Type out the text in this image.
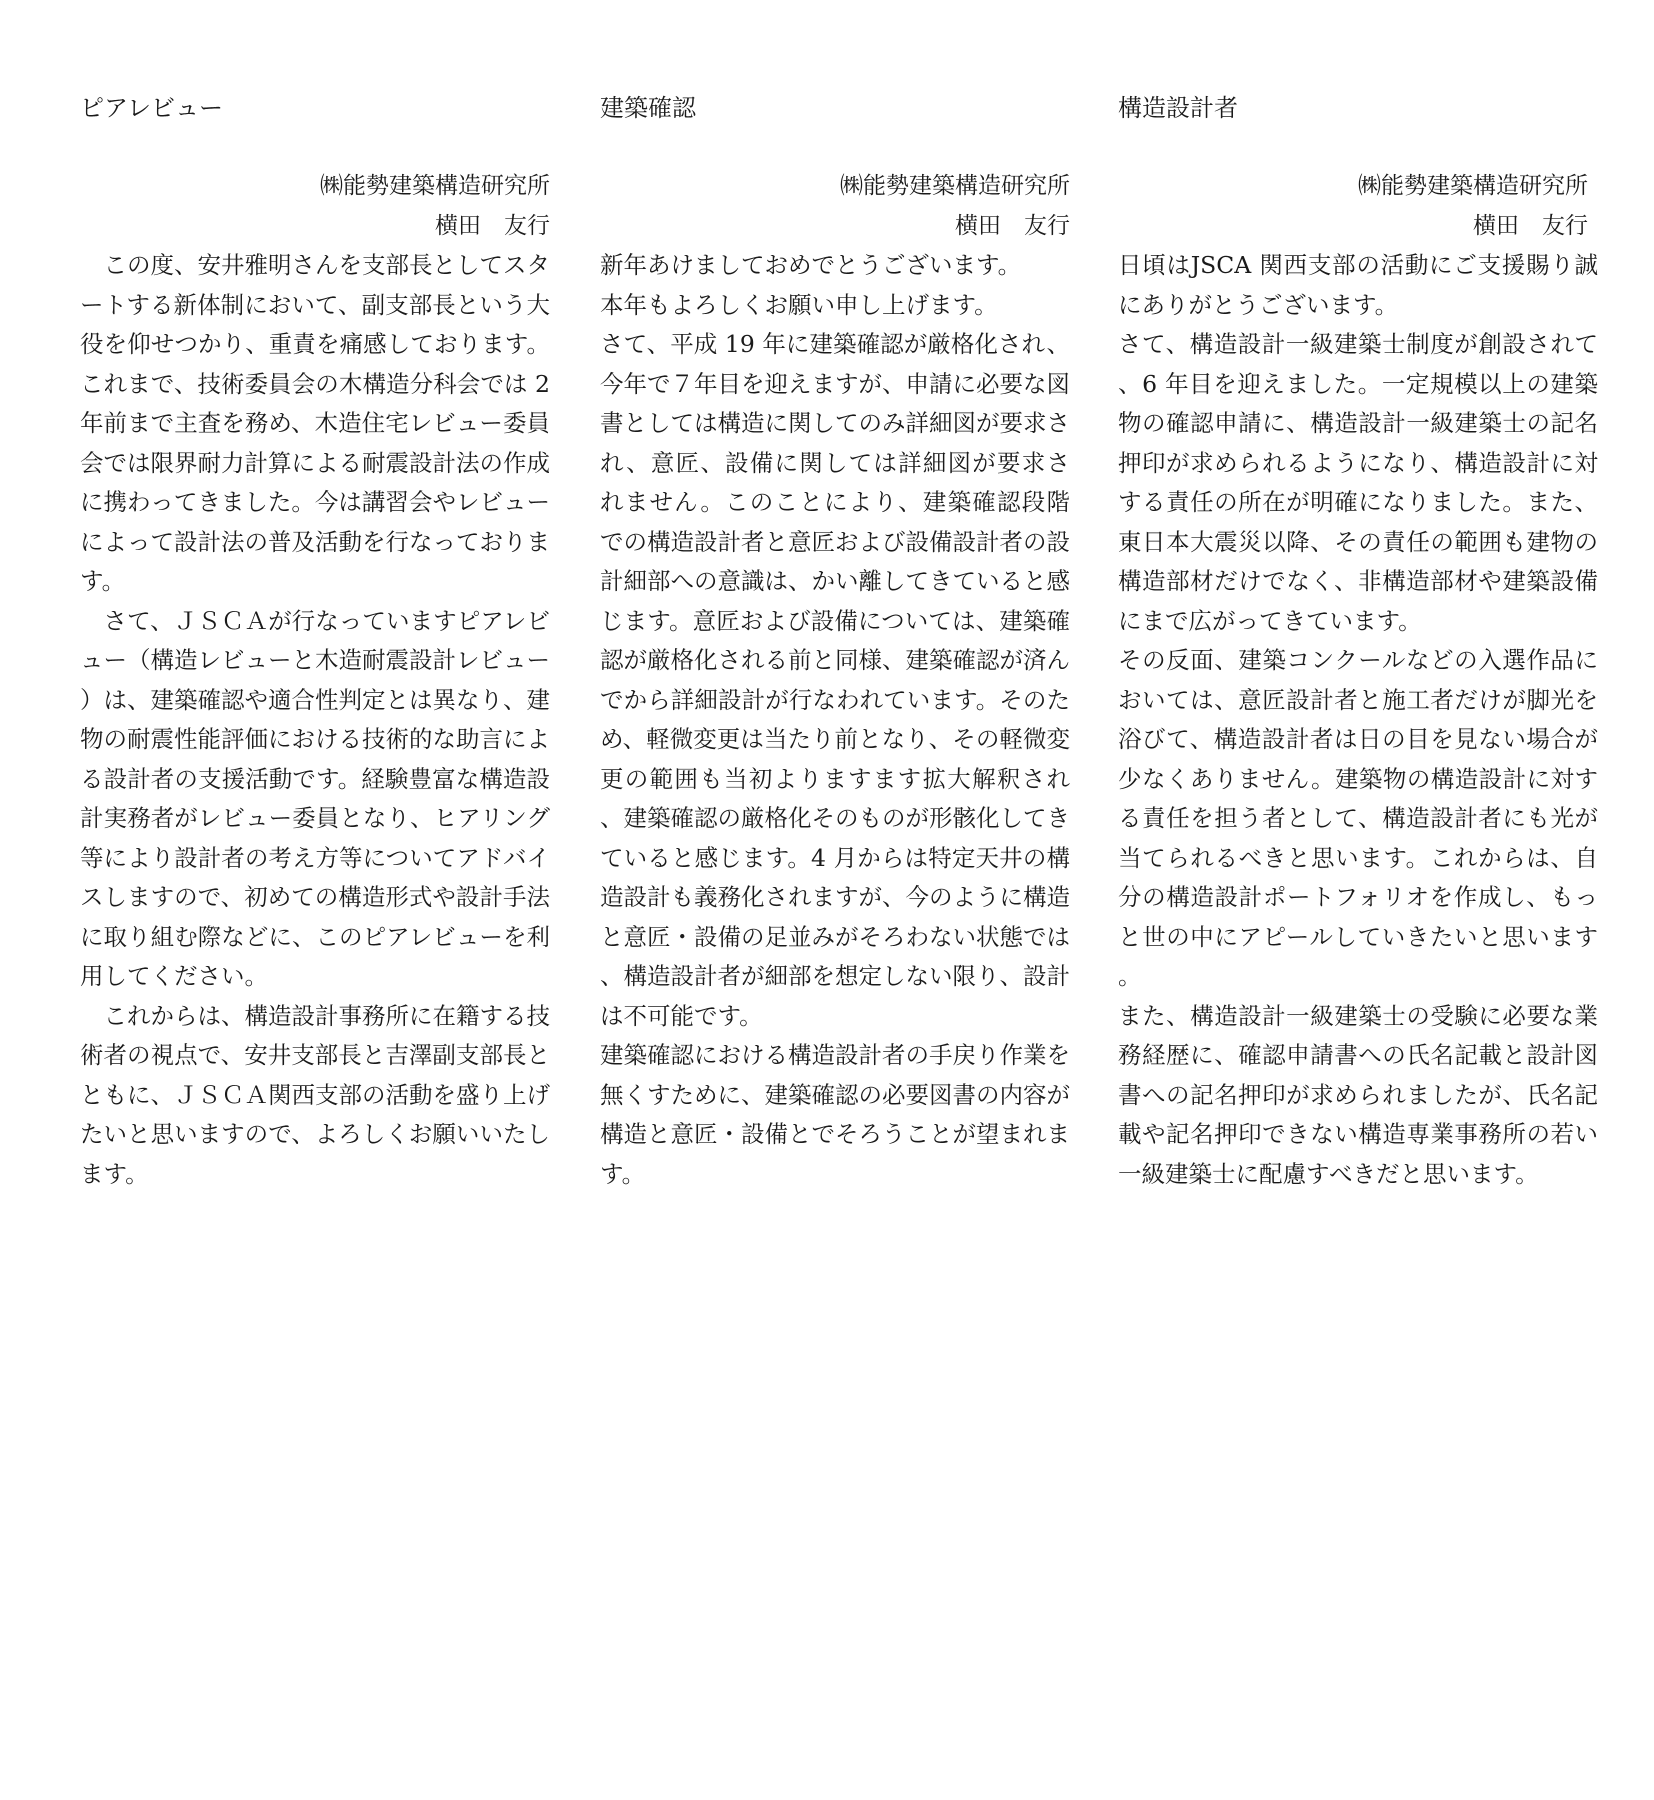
ピアレビュー
㈱能勢建築構造研究所
横田　友行

この度、安井雅明さんを支部長としてスタートする新体制において、副支部長という大役を仰せつかり、重責を痛感しております。これまで、技術委員会の木構造分科会では 2 年前まで主査を務め、木造住宅レビュー委員会では限界耐力計算による耐震設計法の作成に携わってきました。今は講習会やレビューによって設計法の普及活動を行なっております。

さて、ＪＳＣＡが行なっていますピアレビュー（構造レビューと木造耐震設計レビュー）は、建築確認や適合性判定とは異なり、建物の耐震性能評価における技術的な助言による設計者の支援活動です。経験豊富な構造設計実務者がレビュー委員となり、ヒアリング等により設計者の考え方等についてアドバイスしますので、初めての構造形式や設計手法に取り組む際などに、このピアレビューを利用してください。

これからは、構造設計事務所に在籍する技術者の視点で、安井支部長と吉澤副支部長とともに、ＪＳＣＡ関西支部の活動を盛り上げたいと思いますので、よろしくお願いいたします。

建築確認
㈱能勢建築構造研究所
横田　友行

新年あけましておめでとうございます。

本年もよろしくお願い申し上げます。

さて、平成 19 年に建築確認が厳格化され、今年で７年目を迎えますが、申請に必要な図書としては構造に関してのみ詳細図が要求され、意匠、設備に関しては詳細図が要求されません。このことにより、建築確認段階での構造設計者と意匠および設備設計者の設計細部への意識は、かい離してきていると感じます。意匠および設備については、建築確認が厳格化される前と同様、建築確認が済んでから詳細設計が行なわれています。そのため、軽微変更は当たり前となり、その軽微変更の範囲も当初よりますます拡大解釈され、建築確認の厳格化そのものが形骸化してきていると感じます。4 月からは特定天井の構造設計も義務化されますが、今のように構造と意匠・設備の足並みがそろわない状態では、構造設計者が細部を想定しない限り、設計は不可能です。

建築確認における構造設計者の手戻り作業を無くすために、建築確認の必要図書の内容が構造と意匠・設備とでそろうことが望まれます。

構造設計者
㈱能勢建築構造研究所
横田　友行

日頃はJSCA 関西支部の活動にご支援賜り誠にありがとうございます。

さて、構造設計一級建築士制度が創設されて、6 年目を迎えました。一定規模以上の建築物の確認申請に、構造設計一級建築士の記名押印が求められるようになり、構造設計に対する責任の所在が明確になりました。また、東日本大震災以降、その責任の範囲も建物の構造部材だけでなく、非構造部材や建築設備にまで広がってきています。

その反面、建築コンクールなどの入選作品においては、意匠設計者と施工者だけが脚光を浴びて、構造設計者は日の目を見ない場合が少なくありません。建築物の構造設計に対する責任を担う者として、構造設計者にも光が当てられるべきと思います。これからは、自分の構造設計ポートフォリオを作成し、もっと世の中にアピールしていきたいと思います。

また、構造設計一級建築士の受験に必要な業務経歴に、確認申請書への氏名記載と設計図書への記名押印が求められましたが、氏名記載や記名押印できない構造専業事務所の若い一級建築士に配慮すべきだと思います。
